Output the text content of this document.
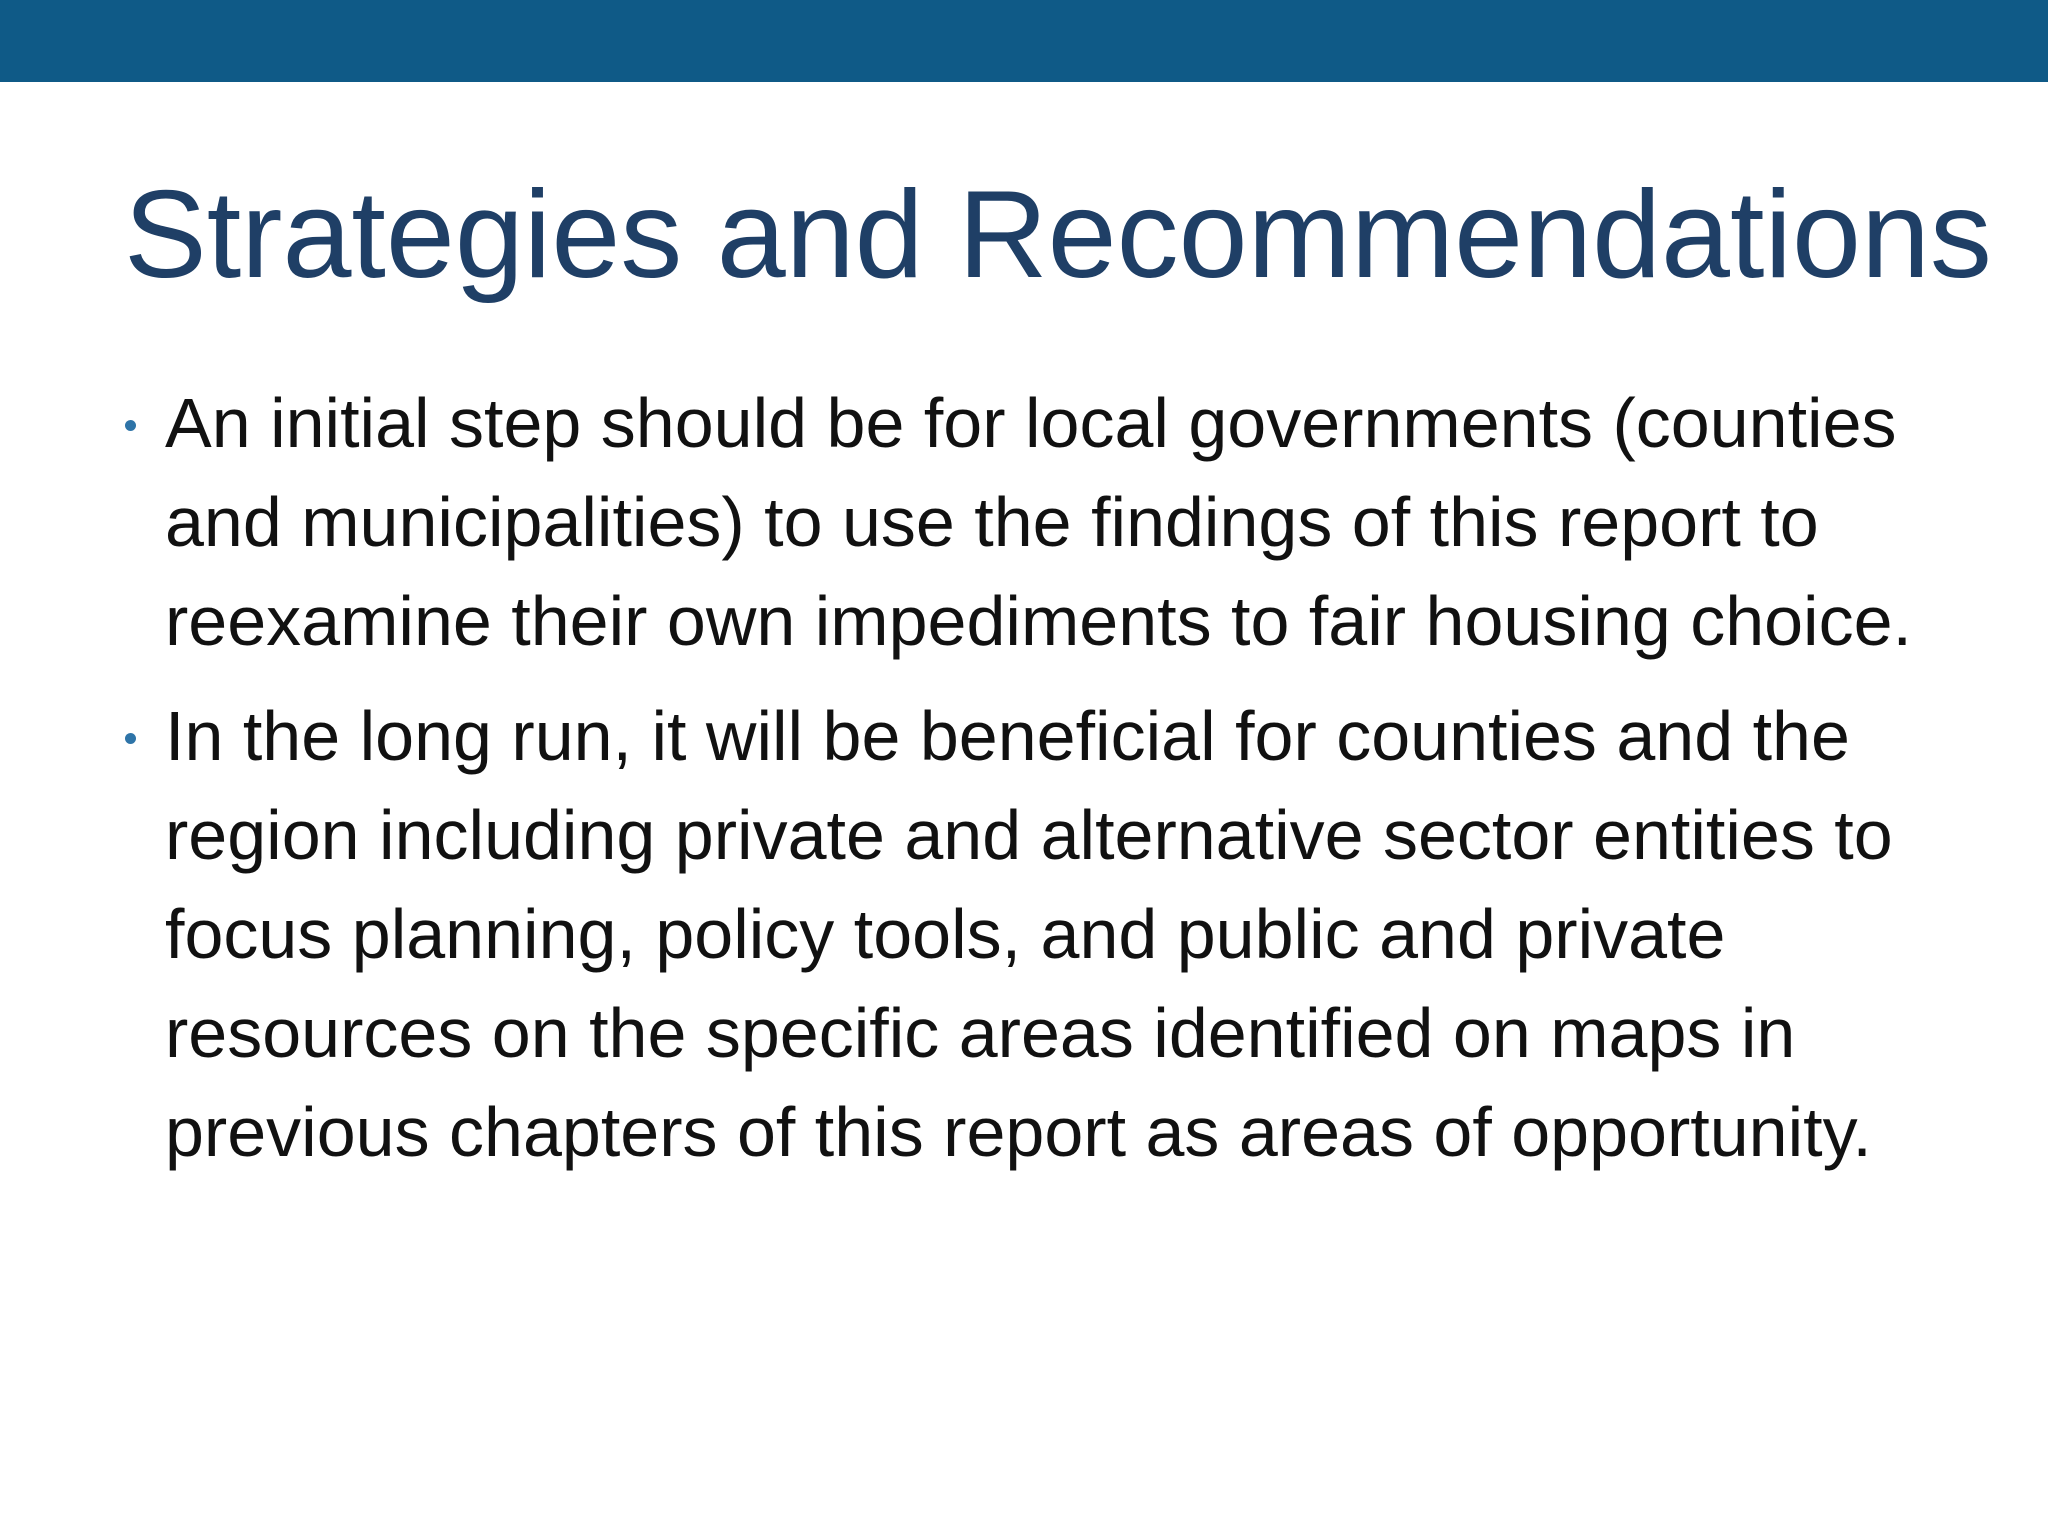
Strategies and Recommendations
An initial step should be for local governments (counties and municipalities) to use the findings of this report to reexamine their own impediments to fair housing choice.
In the long run, it will be beneficial for counties and the region including private and alternative sector entities to focus planning, policy tools, and public and private resources on the specific areas identified on maps in previous chapters of this report as areas of opportunity.
